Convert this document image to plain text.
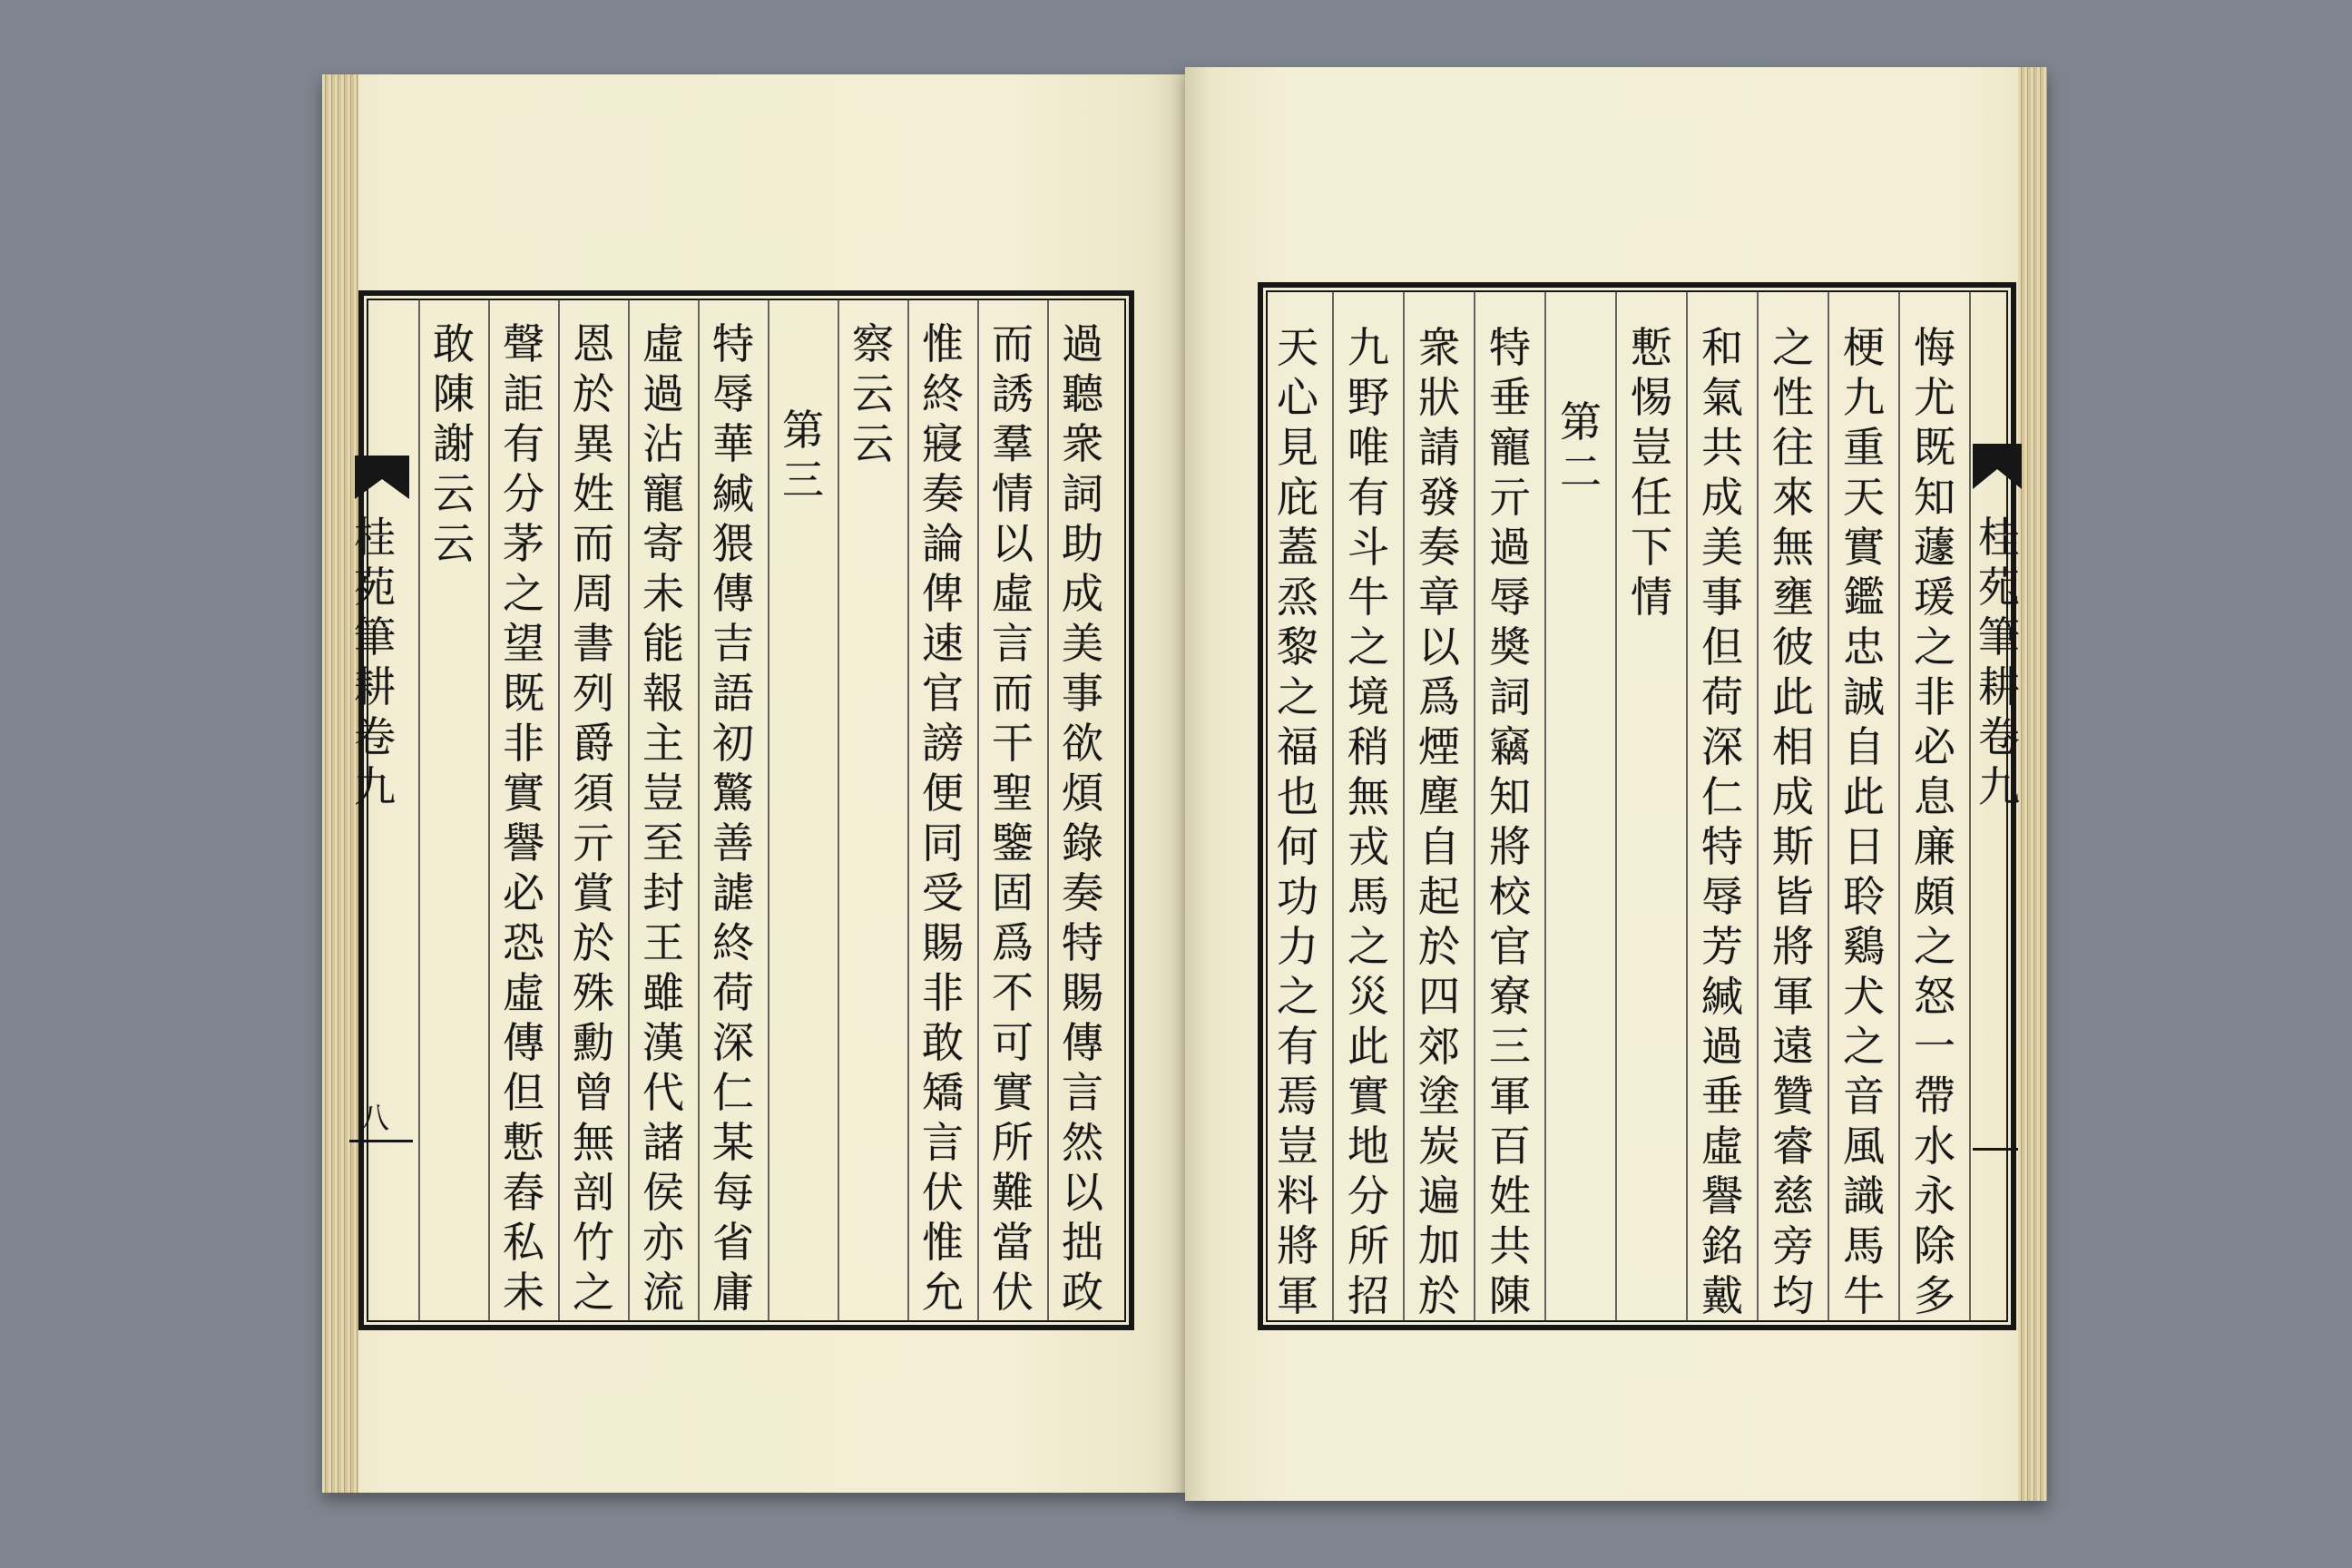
桂
苑
筆
耕
卷
九
八
過
聽
衆
詞
助
成
美
事
欲
煩
錄
奏
特
賜
傳
言
然
以
拙
政
而
誘
羣
情
以
虛
言
而
干
聖
鑒
固
爲
不
可
實
所
難
當
伏
惟
終
寢
奏
論
俾
速
官
謗
便
同
受
賜
非
敢
矯
言
伏
惟
允
察
云
云
第
三
特
辱
華
緘
猥
傳
吉
語
初
驚
善
謔
終
荷
深
仁
某
每
省
庸
虛
過
沾
寵
寄
未
能
報
主
豈
至
封
王
雖
漢
代
諸
侯
亦
流
恩
於
異
姓
而
周
書
列
爵
須
亓
賞
於
殊
勳
曾
無
剖
竹
之
聲
詎
有
分
茅
之
望
既
非
實
譽
必
恐
虛
傳
但
慙
舂
私
未
敢
陳
謝
云
云	桂
苑
筆
耕
卷
九
悔
尤
既
知
蘧
瑗
之
非
必
息
廉
頗
之
怒
一
帶
水
永
除
多
梗
九
重
天
實
鑑
忠
誠
自
此
日
聆
鷄
犬
之
音
風
識
馬
牛
之
性
往
來
無
壅
彼
此
相
成
斯
皆
將
軍
遠
贊
睿
慈
旁
均
和
氣
共
成
美
事
但
荷
深
仁
特
辱
芳
緘
過
垂
虛
譽
銘
戴
慙
惕
豈
任
下
情
第
二
特
垂
寵
亓
過
辱
奬
詞
竊
知
將
校
官
寮
三
軍
百
姓
共
陳
衆
狀
請
發
奏
章
以
爲
煙
塵
自
起
於
四
郊
塗
炭
遍
加
於
九
野
唯
有
斗
牛
之
境
稍
無
戎
馬
之
災
此
實
地
分
所
招
天
心
見
庇
蓋
烝
黎
之
福
也
何
功
力
之
有
焉
豈
料
將
軍
